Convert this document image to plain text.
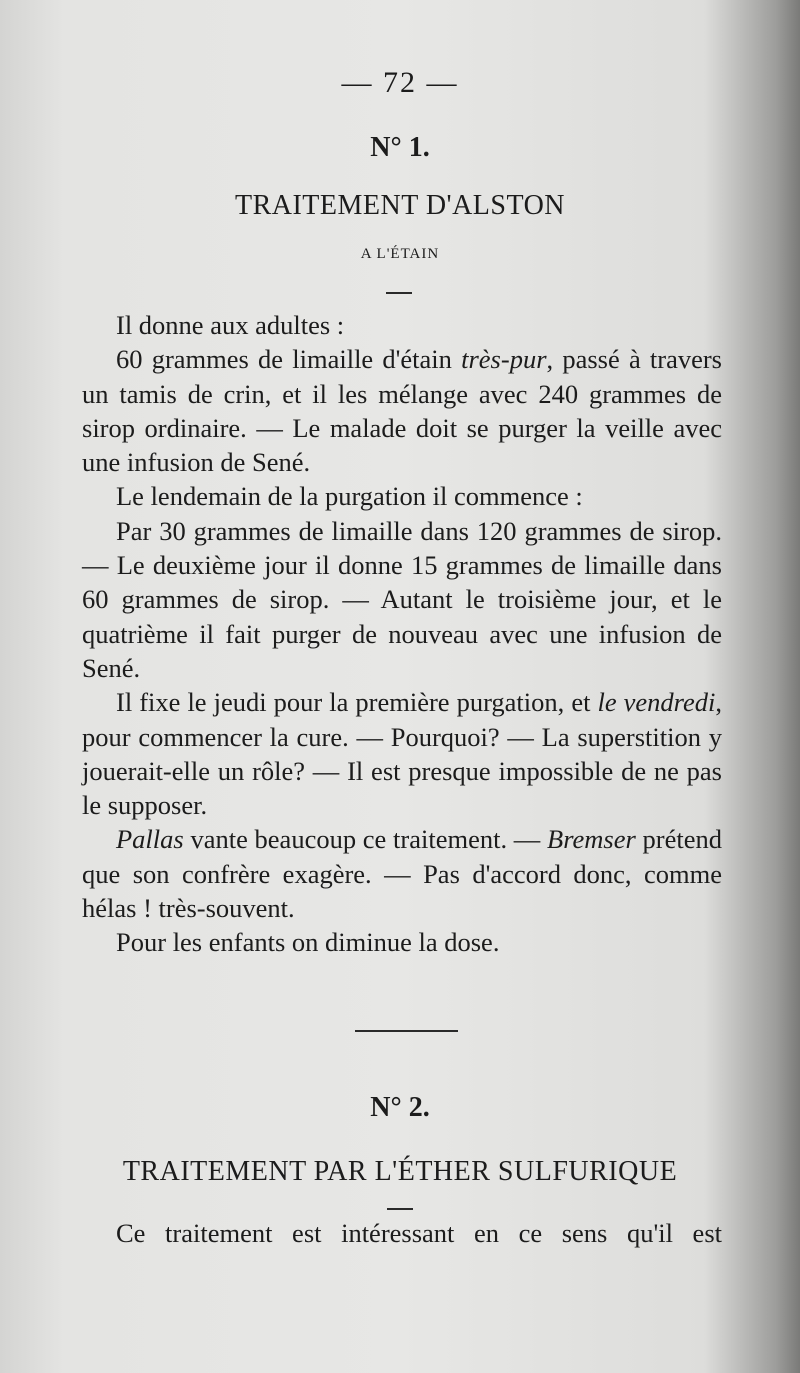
— 72 —
N° 1.
TRAITEMENT D'ALSTON
A L'ÉTAIN

Il donne aux adultes :

60 grammes de limaille d'étain très-pur, passé à travers un tamis de crin, et il les mélange avec 240 grammes de sirop ordinaire. — Le malade doit se purger la veille avec une infusion de Sené.

Le lendemain de la purgation il commence :

Par 30 grammes de limaille dans 120 grammes de sirop. — Le deuxième jour il donne 15 grammes de limaille dans 60 grammes de sirop. — Autant le troisième jour, et le quatrième il fait purger de nouveau avec une infusion de Sené.

Il fixe le jeudi pour la première purgation, et le vendredi, pour commencer la cure. — Pourquoi? — La superstition y jouerait-elle un rôle? — Il est presque impossible de ne pas le supposer.

Pallas vante beaucoup ce traitement. — Bremser prétend que son confrère exagère. — Pas d'accord donc, comme hélas ! très-souvent.

Pour les enfants on diminue la dose.

N° 2.
TRAITEMENT PAR L'ÉTHER SULFURIQUE

Ce traitement est intéressant en ce sens qu'il est
